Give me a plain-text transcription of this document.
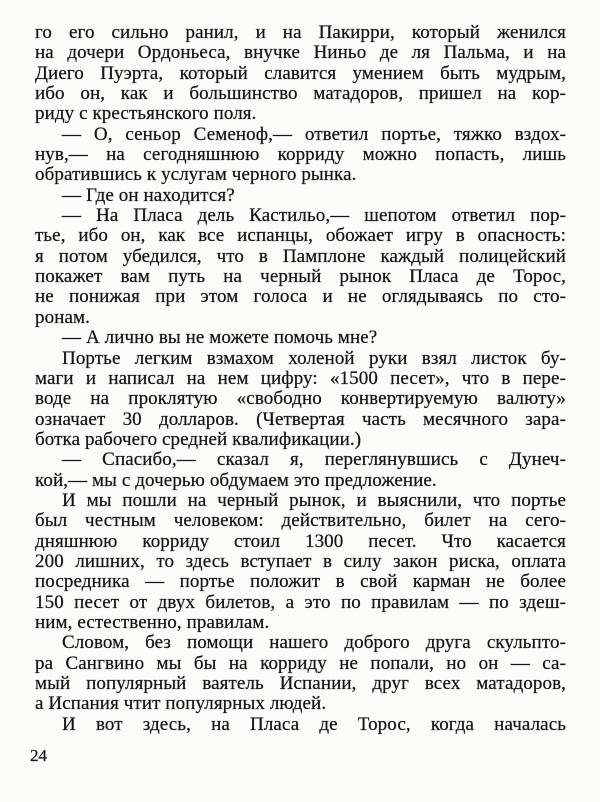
го его сильно ранил, и на Пакирри, который женился
на дочери Ордоньеса, внучке Ниньо де ля Пальма, и на
Диего Пуэрта, который славится умением быть мудрым,
ибо он, как и большинство матадоров, пришел на кор-
риду с крестьянского поля.
— О, сеньор Семеноф,— ответил портье, тяжко вздох-
нув,— на сегодняшнюю корриду можно попасть, лишь
обратившись к услугам черного рынка.
— Где он находится?
— На Пласа дель Кастильо,— шепотом ответил пор-
тье, ибо он, как все испанцы, обожает игру в опасность:
я потом убедился, что в Памплоне каждый полицейский
покажет вам путь на черный рынок Пласа де Торос,
не понижая при этом голоса и не оглядываясь по сто-
ронам.
— А лично вы не можете помочь мне?
Портье легким взмахом холеной руки взял листок бу-
маги и написал на нем цифру: «1500 песет», что в пере-
воде на проклятую «свободно конвертируемую валюту»
означает 30 долларов. (Четвертая часть месячного зара-
ботка рабочего средней квалификации.)
— Спасибо,— сказал я, переглянувшись с Дунеч-
кой,— мы с дочерью обдумаем это предложение.
И мы пошли на черный рынок, и выяснили, что портье
был честным человеком: действительно, билет на сего-
дняшнюю корриду стоил 1300 песет. Что касается
200 лишних, то здесь вступает в силу закон риска, оплата
посредника — портье положит в свой карман не более
150 песет от двух билетов, а это по правилам — по здеш-
ним, естественно, правилам.
Словом, без помощи нашего доброго друга скульпто-
ра Сангвино мы бы на корриду не попали, но он — са-
мый популярный ваятель Испании, друг всех матадоров,
а Испания чтит популярных людей.
И вот здесь, на Пласа де Торос, когда началась
24
